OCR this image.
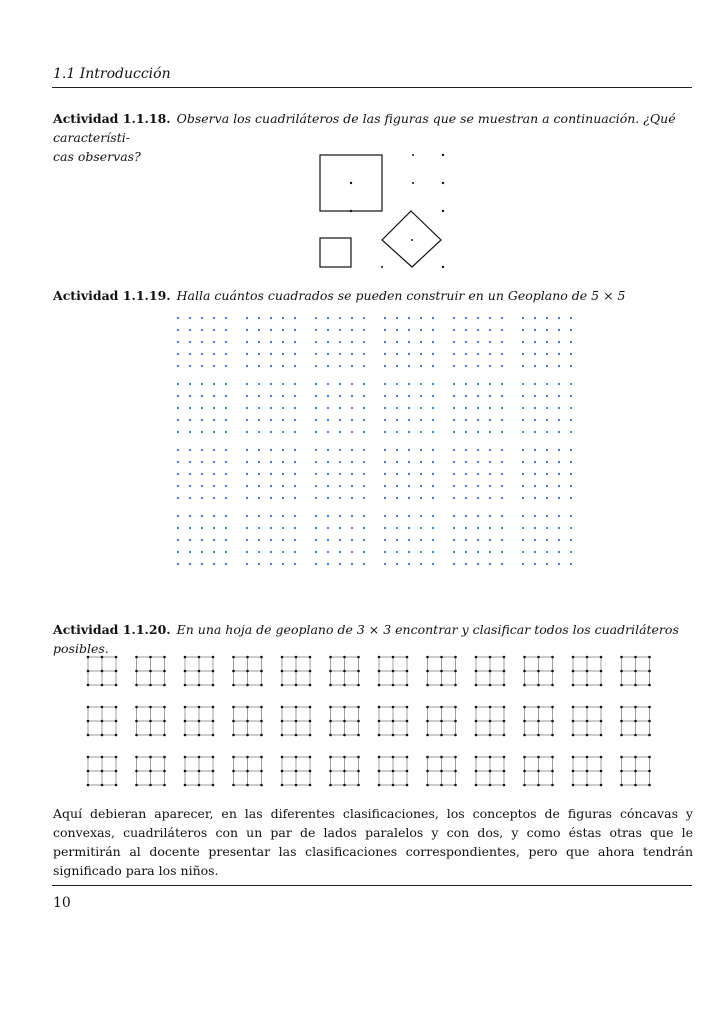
1.1 Introducción
Actividad 1.1.18. Observa los cuadriláteros de las figuras que se muestran a continuación. ¿Qué característi-
cas observas?
Actividad 1.1.19. Halla cuántos cuadrados se pueden construir en un Geoplano de 5 × 5
Actividad 1.1.20. En una hoja de geoplano de 3 × 3 encontrar y clasificar todos los cuadriláteros posibles.
Aquí debieran aparecer, en las diferentes clasificaciones, los conceptos de figuras cóncavas y convexas, cuadriláteros con un par de lados paralelos y con dos, y como éstas otras que le permitirán al docente presentar las clasificaciones correspondientes, pero que ahora tendrán significado para los niños.
10
